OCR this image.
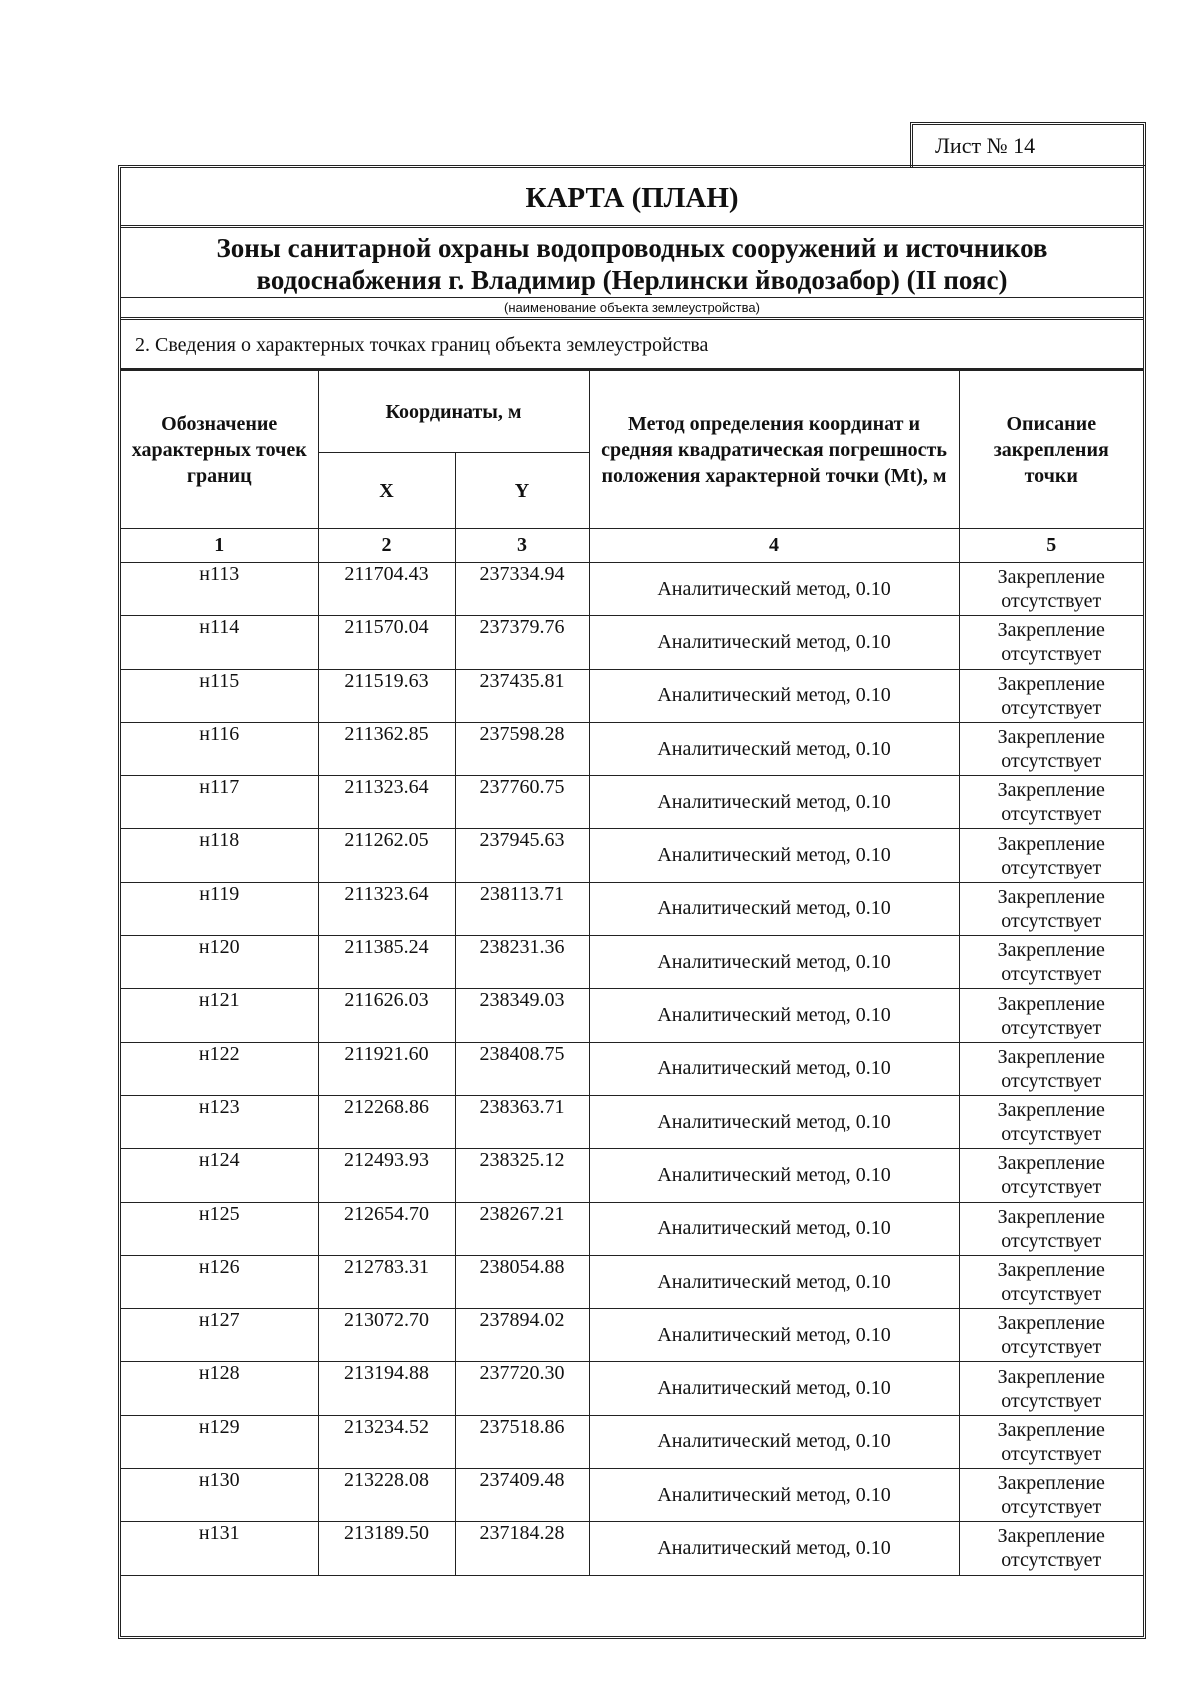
Лист № 14
КАРТА (ПЛАН)
Зоны санитарной охраны водопроводных сооружений и источников
водоснабжения г. Владимир (Нерлински йводозабор) (II пояс)
(наименование объекта землеустройства)
2. Сведения о характерных точках границ объекта землеустройства
Обозначение характерных точек границ	Координаты, м		Метод определения координат и средняя квадратическая погрешность положения характерной точки (Mt), м	Описание закрепления точки
	X	Y		
1	2	3	4	5
н113	211704.43	237334.94	Аналитический метод, 0.10	Закрепление отсутствует
н114	211570.04	237379.76	Аналитический метод, 0.10	Закрепление отсутствует
н115	211519.63	237435.81	Аналитический метод, 0.10	Закрепление отсутствует
н116	211362.85	237598.28	Аналитический метод, 0.10	Закрепление отсутствует
н117	211323.64	237760.75	Аналитический метод, 0.10	Закрепление отсутствует
н118	211262.05	237945.63	Аналитический метод, 0.10	Закрепление отсутствует
н119	211323.64	238113.71	Аналитический метод, 0.10	Закрепление отсутствует
н120	211385.24	238231.36	Аналитический метод, 0.10	Закрепление отсутствует
н121	211626.03	238349.03	Аналитический метод, 0.10	Закрепление отсутствует
н122	211921.60	238408.75	Аналитический метод, 0.10	Закрепление отсутствует
н123	212268.86	238363.71	Аналитический метод, 0.10	Закрепление отсутствует
н124	212493.93	238325.12	Аналитический метод, 0.10	Закрепление отсутствует
н125	212654.70	238267.21	Аналитический метод, 0.10	Закрепление отсутствует
н126	212783.31	238054.88	Аналитический метод, 0.10	Закрепление отсутствует
н127	213072.70	237894.02	Аналитический метод, 0.10	Закрепление отсутствует
н128	213194.88	237720.30	Аналитический метод, 0.10	Закрепление отсутствует
н129	213234.52	237518.86	Аналитический метод, 0.10	Закрепление отсутствует
н130	213228.08	237409.48	Аналитический метод, 0.10	Закрепление отсутствует
н131	213189.50	237184.28	Аналитический метод, 0.10	Закрепление отсутствует
